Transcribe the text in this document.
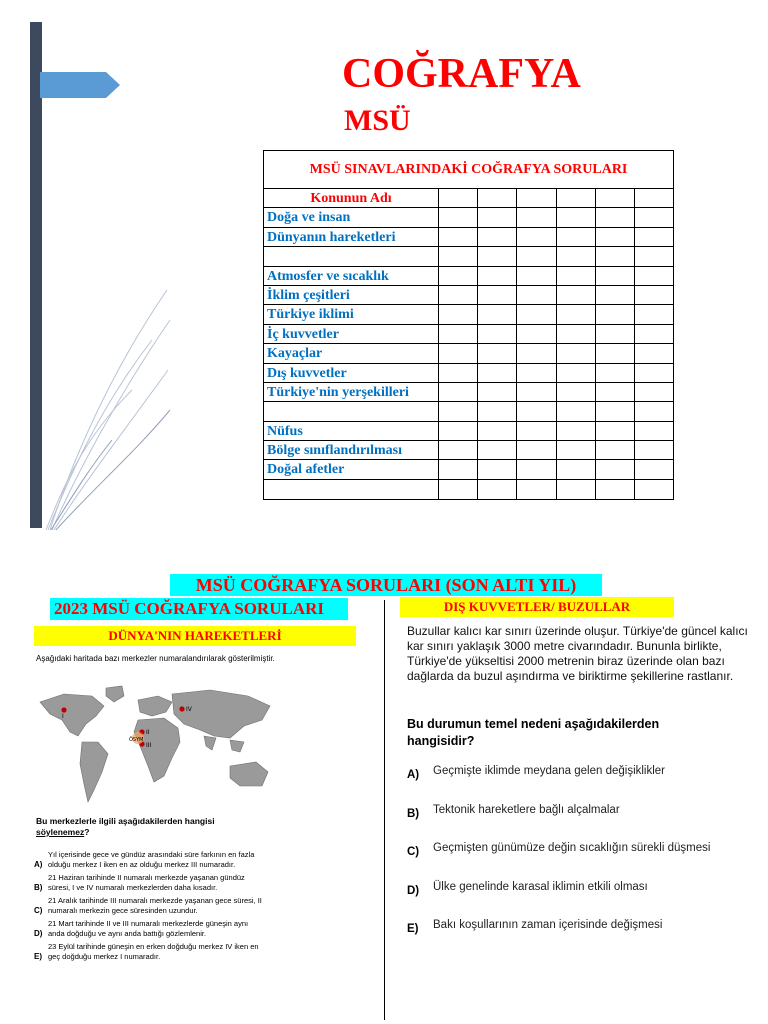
COĞRAFYA
MSÜ
MSÜ SINAVLARINDAKİ COĞRAFYA SORULARI
Konunun Adı
Doğa ve insan
Dünyanın hareketleri
Atmosfer ve sıcaklık
İklim çeşitleri
Türkiye iklimi
İç kuvvetler
Kayaçlar
Dış kuvvetler
Türkiye'nin yerşekilleri
Nüfus
Bölge sınıflandırılması
Doğal afetler
MSÜ COĞRAFYA SORULARI (SON ALTI YIL)
2023 MSÜ COĞRAFYA SORULARI
DÜNYA'NIN HAREKETLERİ
DIŞ KUVVETLER/ BUZULLAR
Aşağıdaki haritada bazı merkezler numaralandırılarak gösterilmiştir.
I
II
III
IV
ÖSYM
Bu merkezlerle ilgili aşağıdakilerden hangisi
söylenemez?
A)
Yıl içerisinde gece ve gündüz arasındaki süre farkının en fazla olduğu merkez I iken en az olduğu merkez III numaradır.
B)
21 Haziran tarihinde II numaralı merkezde yaşanan gündüz süresi, I ve IV numaralı merkezlerden daha kısadır.
C)
21 Aralık tarihinde III numaralı merkezde yaşanan gece süresi, II numaralı merkezin gece süresinden uzundur.
D)
21 Mart tarihinde II ve III numaralı merkezlerde güneşin aynı anda doğduğu ve aynı anda battığı gözlemlenir.
E)
23 Eylül tarihinde güneşin en erken doğduğu merkez IV iken en geç doğduğu merkez I numaradır.
Buzullar kalıcı kar sınırı üzerinde oluşur. Türkiye'de güncel kalıcı kar sınırı yaklaşık 3000 metre civarındadır. Bununla birlikte, Türkiye'de yükseltisi 2000 metrenin biraz üzerinde olan bazı dağlarda da buzul aşındırma ve biriktirme şekillerine rastlanır.
Bu durumun temel nedeni aşağıdakilerden hangisidir?
A)	Geçmişte iklimde meydana gelen değişiklikler
B)	Tektonik hareketlere bağlı alçalmalar
C)	Geçmişten günümüze değin sıcaklığın sürekli düşmesi
D)	Ülke genelinde karasal iklimin etkili olması
E)	Bakı koşullarının zaman içerisinde değişmesi
